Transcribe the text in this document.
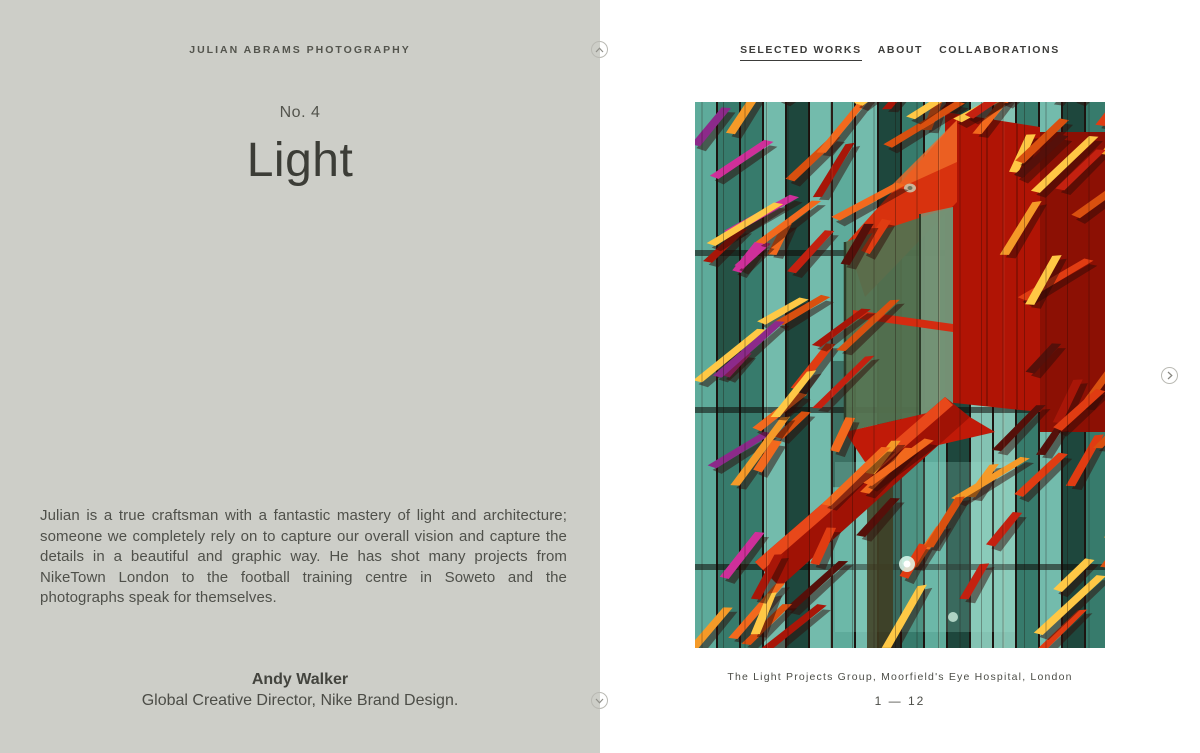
JULIAN ABRAMS PHOTOGRAPHY
No. 4
Light

Julian is a true craftsman with a fantastic mastery of light and architecture; someone we completely rely on to capture our overall vision and capture the details in a beautiful and graphic way. He has shot many projects from NikeTown London to the football training centre in Soweto and the photographs speak for themselves.

Andy Walker
Global Creative Director, Nike Brand Design.
SELECTED WORKS ABOUT COLLABORATIONS
The Light Projects Group, Moorfield's Eye Hospital, London
1 — 12
